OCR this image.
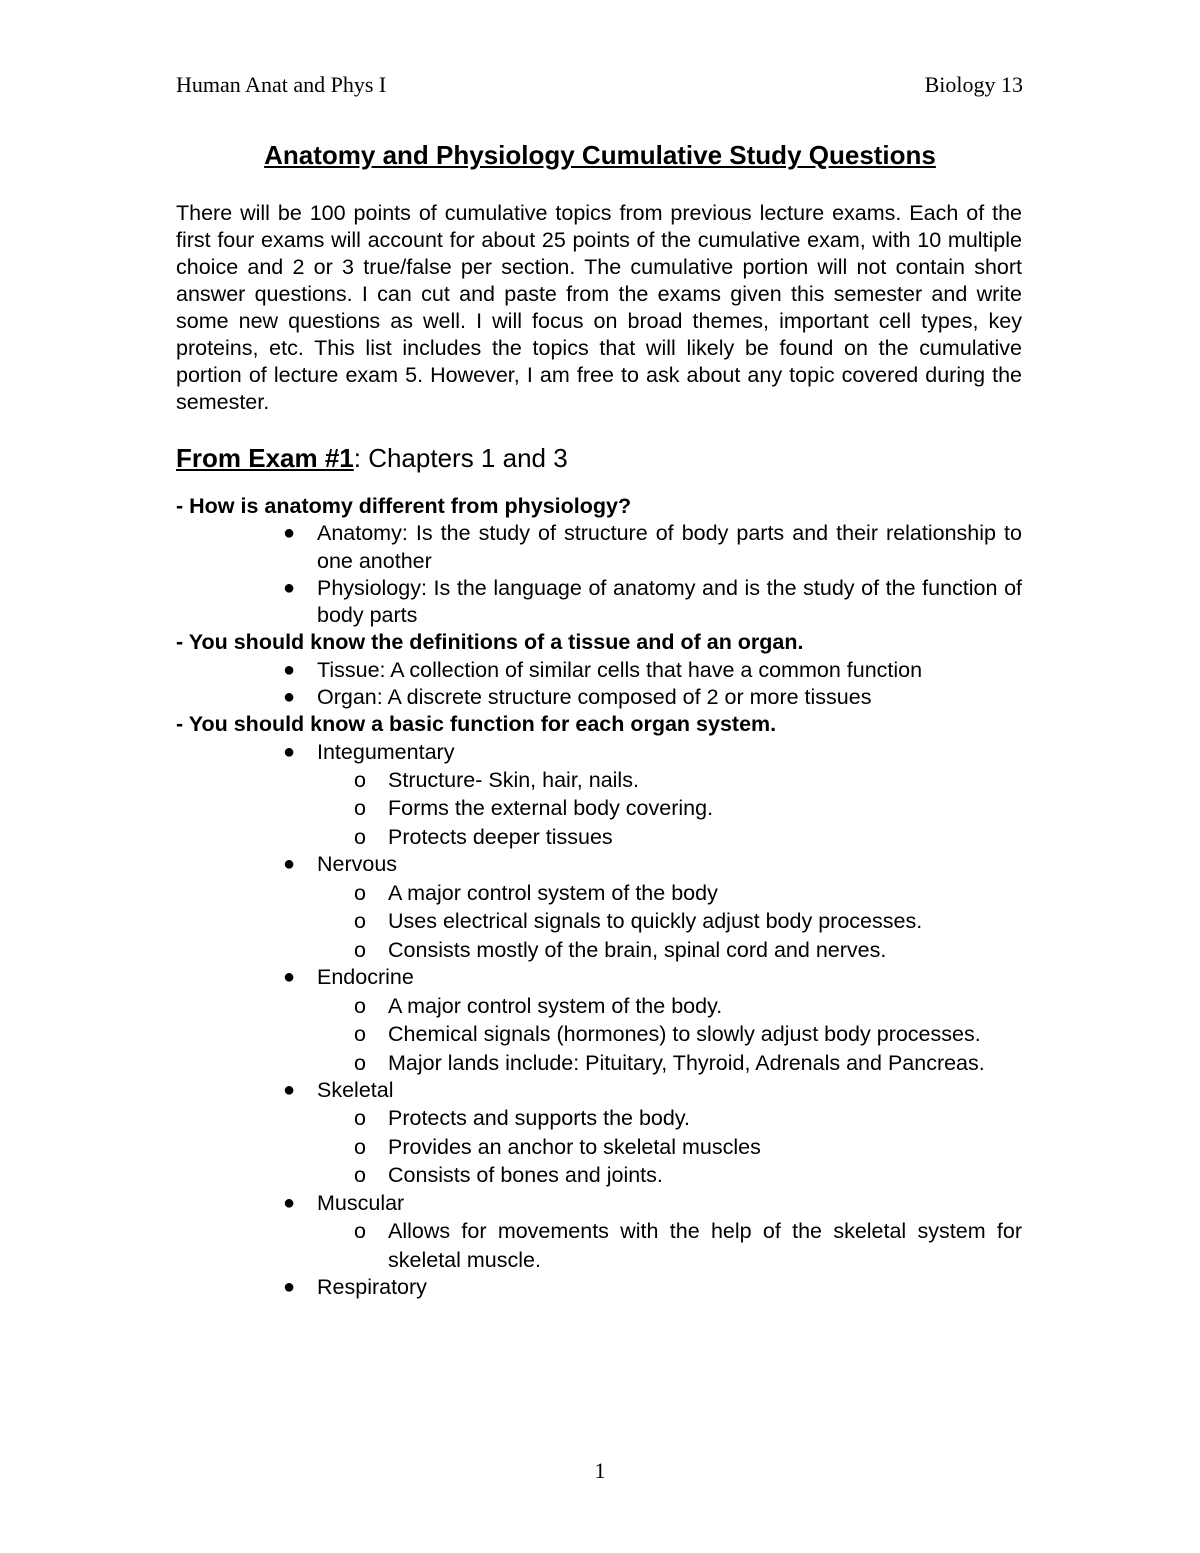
Human Anat and Phys I	Biology 13
Anatomy and Physiology Cumulative Study Questions

There will be 100 points of cumulative topics from previous lecture exams. Each of the first four exams will account for about 25 points of the cumulative exam, with 10 multiple choice and 2 or 3 true/false per section. The cumulative portion will not contain short answer questions. I can cut and paste from the exams given this semester and write some new questions as well. I will focus on broad themes, important cell types, key proteins, etc. This list includes the topics that will likely be found on the cumulative portion of lecture exam 5. However, I am free to ask about any topic covered during the semester.

From Exam #1: Chapters 1 and 3

- How is anatomy different from physiology?

● Anatomy: Is the study of structure of body parts and their relationship to one another
● Physiology: Is the language of anatomy and is the study of the function of body parts

- You should know the definitions of a tissue and of an organ.

● Tissue: A collection of similar cells that have a common function
● Organ: A discrete structure composed of 2 or more tissues

- You should know a basic function for each organ system.

● Integumentary
o Structure- Skin, hair, nails.
o Forms the external body covering.
o Protects deeper tissues
● Nervous
o A major control system of the body
o Uses electrical signals to quickly adjust body processes.
o Consists mostly of the brain, spinal cord and nerves.
● Endocrine
o A major control system of the body.
o Chemical signals (hormones) to slowly adjust body processes.
o Major lands include: Pituitary, Thyroid, Adrenals and Pancreas.
● Skeletal
o Protects and supports the body.
o Provides an anchor to skeletal muscles
o Consists of bones and joints.
● Muscular
o Allows for movements with the help of the skeletal system for skeletal muscle.
● Respiratory
1
